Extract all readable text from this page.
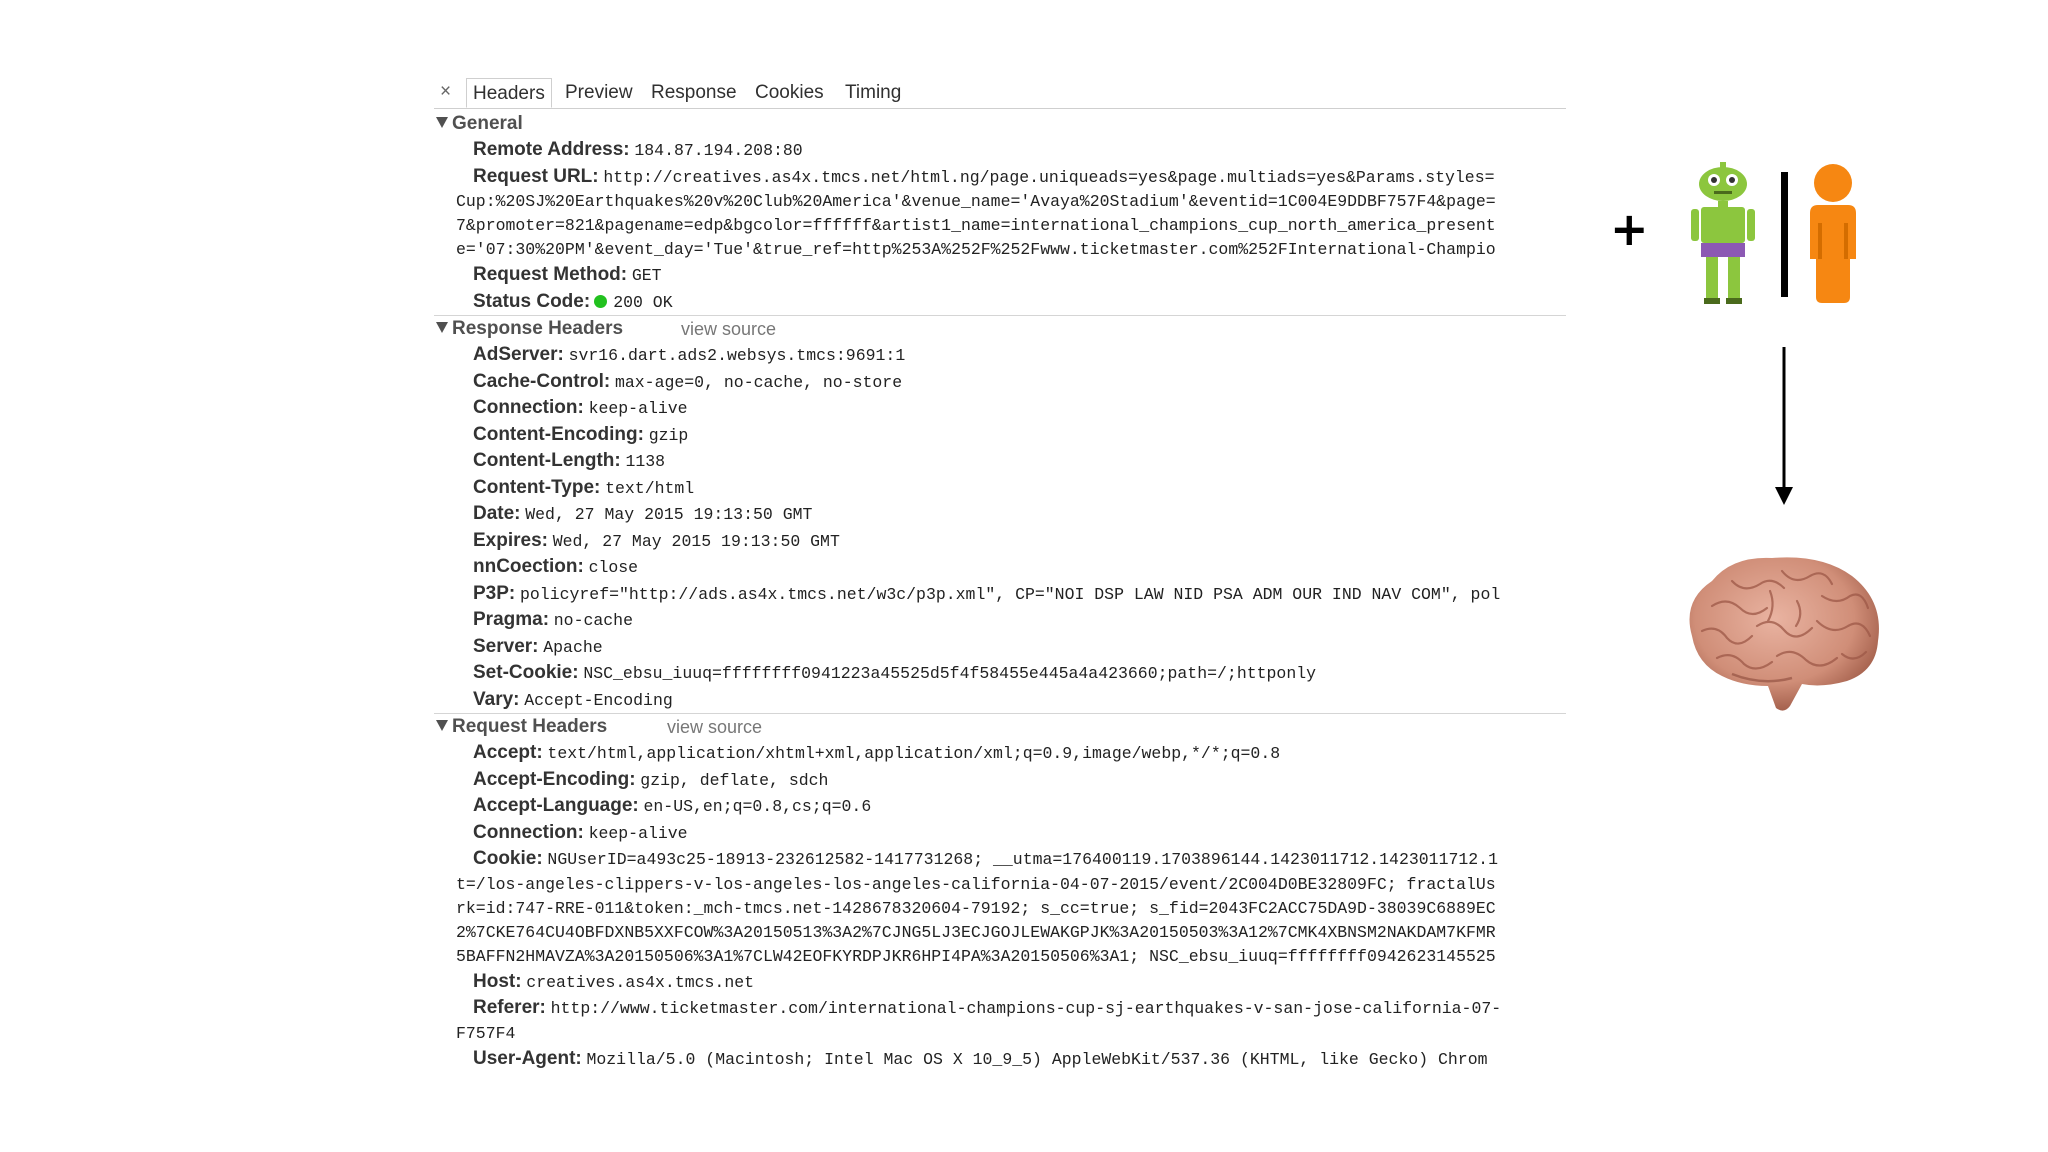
×	Headers	Preview Response Cookies Timing
General
Remote Address: 184.87.194.208:80
Request URL: http://creatives.as4x.tmcs.net/html.ng/page.uniqueads=yes&page.multiads=yes&Params.styles=
Cup:%20SJ%20Earthquakes%20v%20Club%20America'&venue_name='Avaya%20Stadium'&eventid=1C004E9DDBF757F4&page=
7&promoter=821&pagename=edp&bgcolor=ffffff&artist1_name=international_champions_cup_north_america_present
e='07:30%20PM'&event_day='Tue'&true_ref=http%253A%252F%252Fwww.ticketmaster.com%252FInternational-Champio
Request Method: GET
Status Code: 200 OK
Response Headers	view source
AdServer: svr16.dart.ads2.websys.tmcs:9691:1
Cache-Control: max-age=0, no-cache, no-store
Connection: keep-alive
Content-Encoding: gzip
Content-Length: 1138
Content-Type: text/html
Date: Wed, 27 May 2015 19:13:50 GMT
Expires: Wed, 27 May 2015 19:13:50 GMT
nnCoection: close
P3P: policyref="http://ads.as4x.tmcs.net/w3c/p3p.xml", CP="NOI DSP LAW NID PSA ADM OUR IND NAV COM", pol
Pragma: no-cache
Server: Apache
Set-Cookie: NSC_ebsu_iuuq=ffffffff0941223a45525d5f4f58455e445a4a423660;path=/;httponly
Vary: Accept-Encoding
Request Headers	view source
Accept: text/html,application/xhtml+xml,application/xml;q=0.9,image/webp,*/*;q=0.8
Accept-Encoding: gzip, deflate, sdch
Accept-Language: en-US,en;q=0.8,cs;q=0.6
Connection: keep-alive
Cookie: NGUserID=a493c25-18913-232612582-1417731268; __utma=176400119.1703896144.1423011712.1423011712.1
t=/los-angeles-clippers-v-los-angeles-los-angeles-california-04-07-2015/event/2C004D0BE32809FC; fractalUs
rk=id:747-RRE-011&token:_mch-tmcs.net-1428678320604-79192; s_cc=true; s_fid=2043FC2ACC75DA9D-38039C6889EC
2%7CKE764CU4OBFDXNB5XXFCOW%3A20150513%3A2%7CJNG5LJ3ECJGOJLEWAKGPJK%3A20150503%3A12%7CMK4XBNSM2NAKDAM7KFMR
5BAFFN2HMAVZA%3A20150506%3A1%7CLW42EOFKYRDPJKR6HPI4PA%3A20150506%3A1; NSC_ebsu_iuuq=ffffffff0942623145525
Host: creatives.as4x.tmcs.net
Referer: http://www.ticketmaster.com/international-champions-cup-sj-earthquakes-v-san-jose-california-07-
F757F4
User-Agent: Mozilla/5.0 (Macintosh; Intel Mac OS X 10_9_5) AppleWebKit/537.36 (KHTML, like Gecko) Chrom
+
